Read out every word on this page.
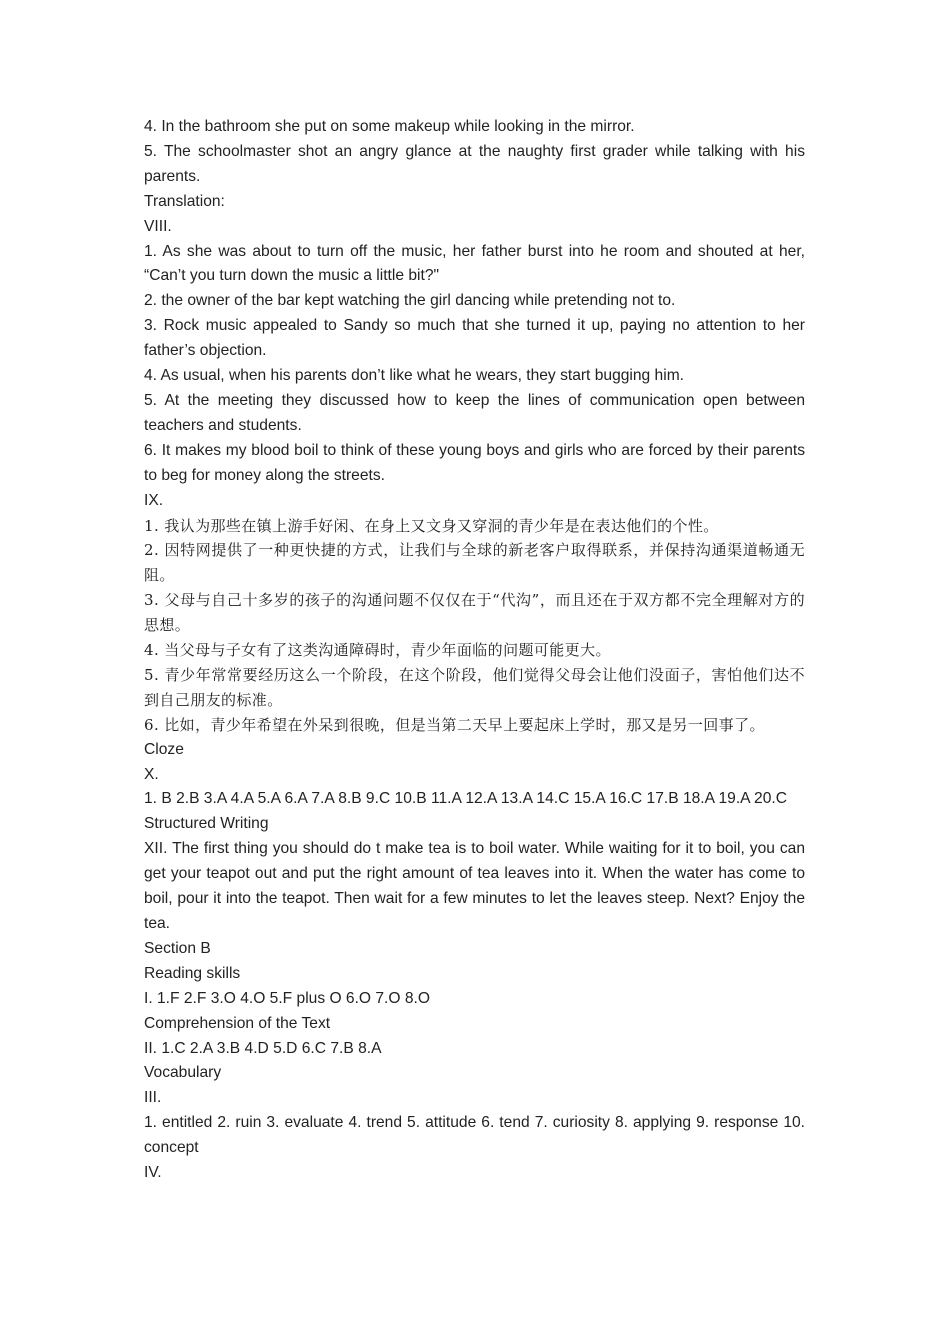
4. In the bathroom she put on some makeup while looking in the mirror.

5. The schoolmaster shot an angry glance at the naughty first grader while talking with his parents.

Translation:

VIII.

1. As she was about to turn off the music, her father burst into he room and shouted at her, “Can’t you turn down the music a little bit?"

2. the owner of the bar kept watching the girl dancing while pretending not to.

3. Rock music appealed to Sandy so much that she turned it up, paying no attention to her father’s objection.

4. As usual, when his parents don’t like what he wears, they start bugging him.

5. At the meeting they discussed how to keep the lines of communication open between teachers and students.

6. It makes my blood boil to think of these young boys and girls who are forced by their parents to beg for money along the streets.

IX.

1. 我认为那些在镇上游手好闲、在身上又文身又穿洞的青少年是在表达他们的个性。

2. 因特网提供了一种更快捷的方式，让我们与全球的新老客户取得联系，并保持沟通渠道畅通无阻。

3. 父母与自己十多岁的孩子的沟通问题不仅仅在于“代沟”，而且还在于双方都不完全理解对方的思想。

4. 当父母与子女有了这类沟通障碍时，青少年面临的问题可能更大。

5. 青少年常常要经历这么一个阶段，在这个阶段，他们觉得父母会让他们没面子，害怕他们达不到自己朋友的标准。

6. 比如，青少年希望在外呆到很晚，但是当第二天早上要起床上学时，那又是另一回事了。

Cloze

X.

1. B 2.B 3.A 4.A 5.A 6.A 7.A 8.B 9.C 10.B 11.A 12.A 13.A 14.C 15.A 16.C 17.B 18.A 19.A 20.C

Structured Writing

XII. The first thing you should do t make tea is to boil water. While waiting for it to boil, you can get your teapot out and put the right amount of tea leaves into it. When the water has come to boil, pour it into the teapot. Then wait for a few minutes to let the leaves steep. Next? Enjoy the tea.

Section B

Reading skills

I. 1.F 2.F 3.O 4.O 5.F plus O 6.O 7.O 8.O

Comprehension of the Text

II. 1.C 2.A 3.B 4.D 5.D 6.C 7.B 8.A

Vocabulary

III.

1. entitled 2. ruin 3. evaluate 4. trend 5. attitude 6. tend 7. curiosity 8. applying 9. response 10. concept

IV.
